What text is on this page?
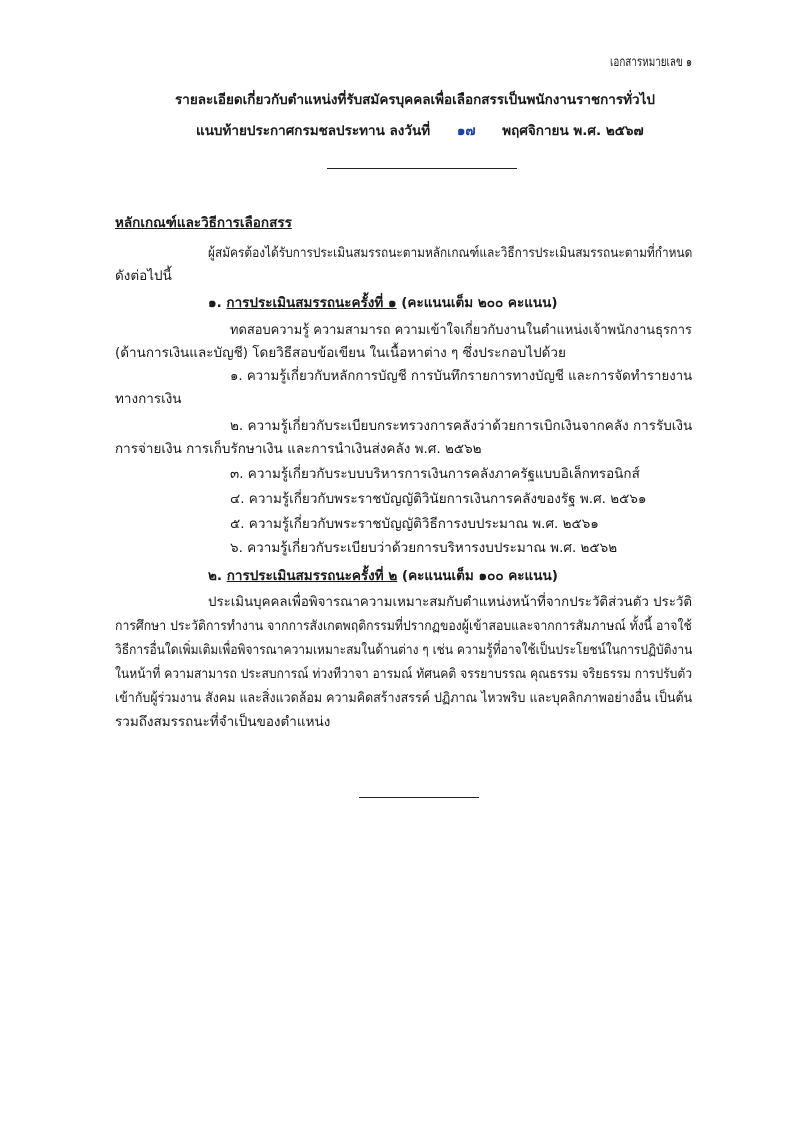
เอกสารหมายเลข ๑
รายละเอียดเกี่ยวกับตำแหน่งที่รับสมัครบุคคลเพื่อเลือกสรรเป็นพนักงานราชการทั่วไป
แนบท้ายประกาศกรมชลประทาน ลงวันที่ ๑๗ พฤศจิกายน พ.ศ. ๒๕๖๗
หลักเกณฑ์และวิธีการเลือกสรร
ผู้สมัครต้องได้รับการประเมินสมรรถนะตามหลักเกณฑ์และวิธีการประเมินสมรรถนะตามที่กำหนด
ดังต่อไปนี้
๑. การประเมินสมรรถนะครั้งที่ ๑ (คะแนนเต็ม ๒๐๐ คะแนน)
ทดสอบความรู้ ความสามารถ ความเข้าใจเกี่ยวกับงานในตำแหน่งเจ้าพนักงานธุรการ
(ด้านการเงินและบัญชี) โดยวิธีสอบข้อเขียน ในเนื้อหาต่าง ๆ ซึ่งประกอบไปด้วย
๑. ความรู้เกี่ยวกับหลักการบัญชี การบันทึกรายการทางบัญชี และการจัดทำรายงาน
ทางการเงิน
๒. ความรู้เกี่ยวกับระเบียบกระทรวงการคลังว่าด้วยการเบิกเงินจากคลัง การรับเงิน
การจ่ายเงิน การเก็บรักษาเงิน และการนำเงินส่งคลัง พ.ศ. ๒๕๖๒
๓. ความรู้เกี่ยวกับระบบบริหารการเงินการคลังภาครัฐแบบอิเล็กทรอนิกส์
๔. ความรู้เกี่ยวกับพระราชบัญญัติวินัยการเงินการคลังของรัฐ พ.ศ. ๒๕๖๑
๕. ความรู้เกี่ยวกับพระราชบัญญัติวิธีการงบประมาณ พ.ศ. ๒๕๖๑
๖. ความรู้เกี่ยวกับระเบียบว่าด้วยการบริหารงบประมาณ พ.ศ. ๒๕๖๒
๒. การประเมินสมรรถนะครั้งที่ ๒ (คะแนนเต็ม ๑๐๐ คะแนน)
ประเมินบุคคลเพื่อพิจารณาความเหมาะสมกับตำแหน่งหน้าที่จากประวัติส่วนตัว ประวัติ
การศึกษา ประวัติการทำงาน จากการสังเกตพฤติกรรมที่ปรากฏของผู้เข้าสอบและจากการสัมภาษณ์ ทั้งนี้ อาจใช้
วิธีการอื่นใดเพิ่มเติมเพื่อพิจารณาความเหมาะสมในด้านต่าง ๆ เช่น ความรู้ที่อาจใช้เป็นประโยชน์ในการปฏิบัติงาน
ในหน้าที่ ความสามารถ ประสบการณ์ ท่วงทีวาจา อารมณ์ ทัศนคติ จรรยาบรรณ คุณธรรม จริยธรรม การปรับตัว
เข้ากับผู้ร่วมงาน สังคม และสิ่งแวดล้อม ความคิดสร้างสรรค์ ปฏิภาณ ไหวพริบ และบุคลิกภาพอย่างอื่น เป็นต้น
รวมถึงสมรรถนะที่จำเป็นของตำแหน่ง
